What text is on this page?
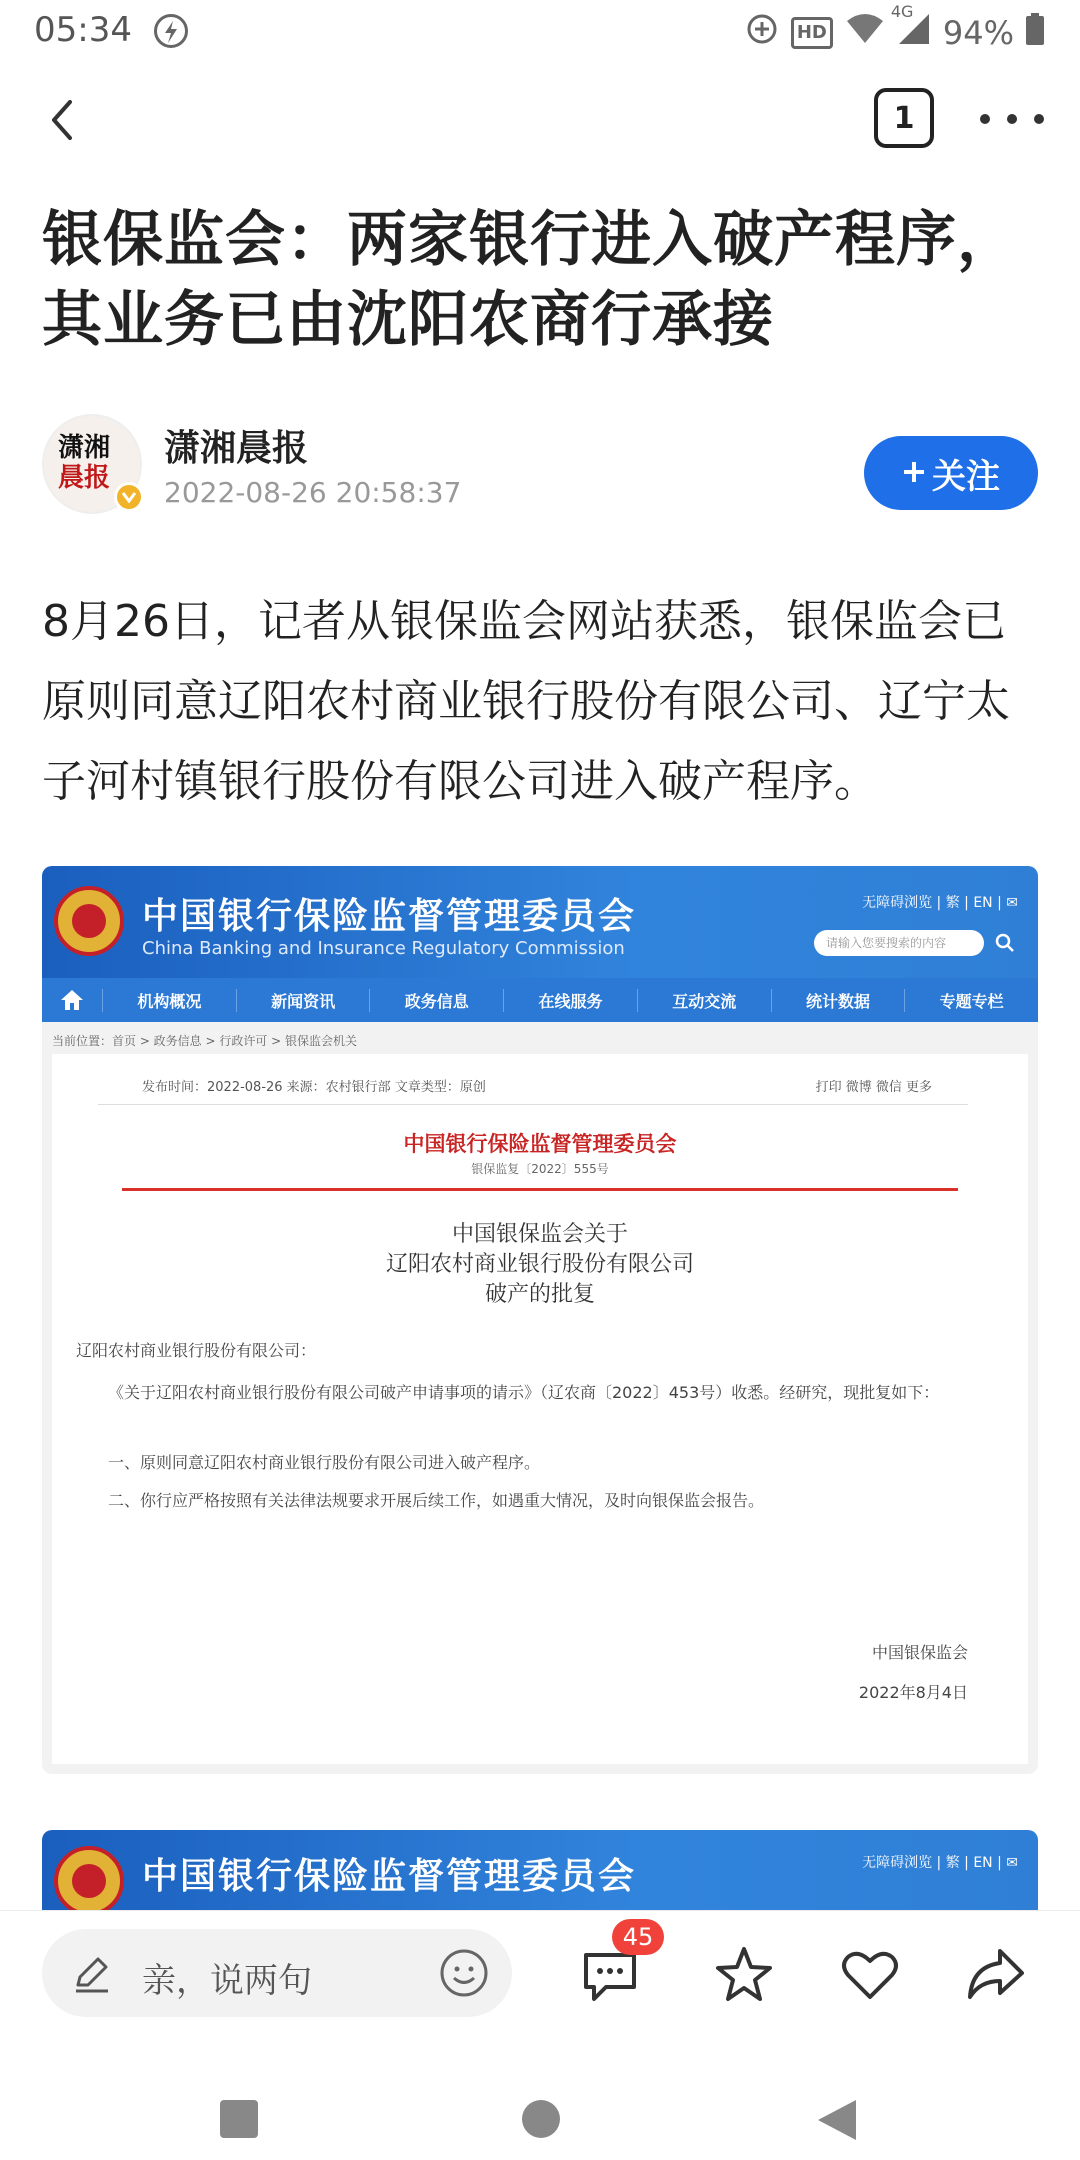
05:34	HD
4G
94%
1
银保监会：两家银行进入破产程序，其业务已由沈阳农商行承接
潇湘
晨报
潇湘晨报
2022-08-26 20:58:37	关注

8月26日，记者从银保监会网站获悉，银保监会已原则同意辽阳农村商业银行股份有限公司、辽宁太子河村镇银行股份有限公司进入破产程序。

中国银行保险监督管理委员会
China Banking and Insurance Regulatory Commission
无障碍浏览 | 繁 | EN | ✉
请输入您要搜索的内容
机构概况	新闻资讯	政务信息	在线服务	互动交流	统计数据	专题专栏
当前位置：首页 > 政务信息 > 行政许可 > 银保监会机关
发布时间：2022-08-26 来源：农村银行部 文章类型：原创	打印 微博 微信 更多
中国银行保险监督管理委员会
银保监复〔2022〕555号
中国银保监会关于
辽阳农村商业银行股份有限公司
破产的批复
辽阳农村商业银行股份有限公司：
《关于辽阳农村商业银行股份有限公司破产申请事项的请示》（辽农商〔2022〕453号）收悉。经研究，现批复如下：
一、原则同意辽阳农村商业银行股份有限公司进入破产程序。
二、你行应严格按照有关法律法规要求开展后续工作，如遇重大情况，及时向银保监会报告。
中国银保监会
2022年8月4日
中国银行保险监督管理委员会	无障碍浏览 | 繁 | EN | ✉
亲，说两句
45
